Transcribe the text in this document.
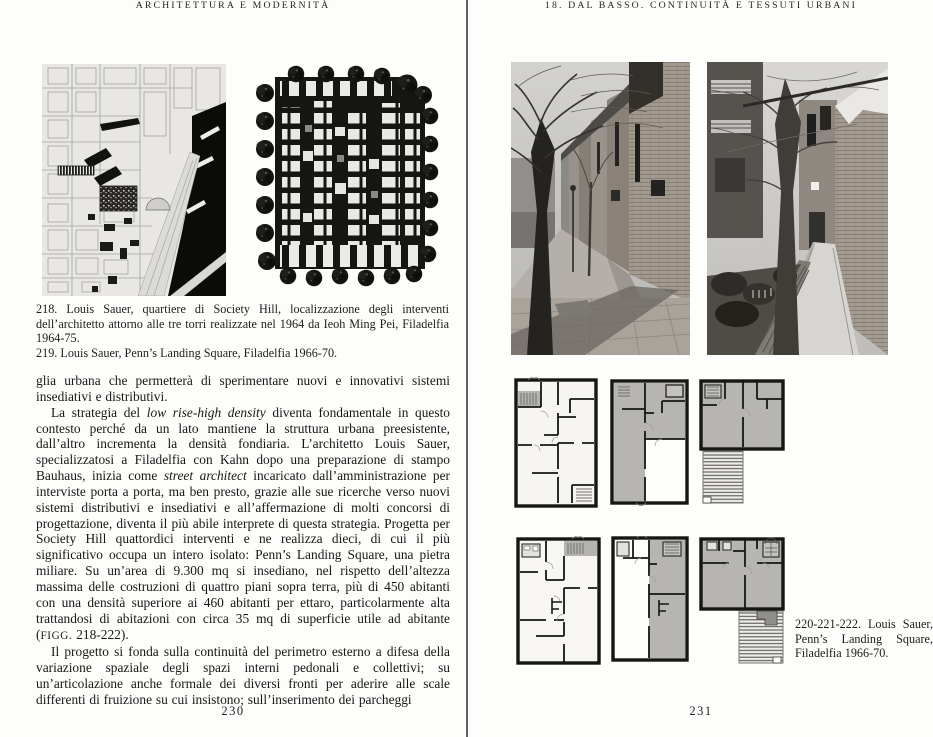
ARCHITETTURA E MODERNITÀ

218. Louis Sauer, quartiere di Society Hill, localizzazione degli interventi dell’architetto attorno alle tre torri realizzate nel 1964 da Ieoh Ming Pei, Filadelfia 1964-75.

219. Louis Sauer, Penn’s Landing Square, Filadelfia 1966-70.

glia urbana che permetterà di sperimentare nuovi e innovativi sistemi insediativi e distributivi.

La strategia del low rise-high density diventa fondamentale in questo contesto perché da un lato mantiene la struttura urbana preesistente, dall’altro incrementa la densità fondiaria. L’architetto Louis Sauer, specializzatosi a Filadelfia con Kahn dopo una preparazione di stampo Bauhaus, inizia come street architect incaricato dall’amministrazione per interviste porta a porta, ma ben presto, grazie alle sue ricerche verso nuovi sistemi distributivi e insediativi e all’affermazione di molti concorsi di progettazione, diventa il più abile interprete di questa strategia. Progetta per Society Hill quattordici interventi e ne realizza dieci, di cui il più significativo occupa un intero isolato: Penn’s Landing Square, una pietra miliare. Su un’area di 9.300 mq si insediano, nel rispetto dell’altezza massima delle costruzioni di quattro piani sopra terra, più di 450 abitanti con una densità superiore ai 460 abitanti per ettaro, particolarmente alta trattandosi di abitazioni con circa 35 mq di superficie utile ad abitante (FIGG. 218-222).

Il progetto si fonda sulla continuità del perimetro esterno a difesa della variazione spaziale degli spazi interni pedonali e collettivi; su un’articolazione anche formale dei diversi fronti per aderire alle scale differenti di fruizione su cui insistono; sull’inserimento dei parcheggi

230
18. DAL BASSO. CONTINUITÀ E TESSUTI URBANI

220-221-222. Louis Sauer, Penn’s Landing Square, Filadelfia 1966-70.

231
